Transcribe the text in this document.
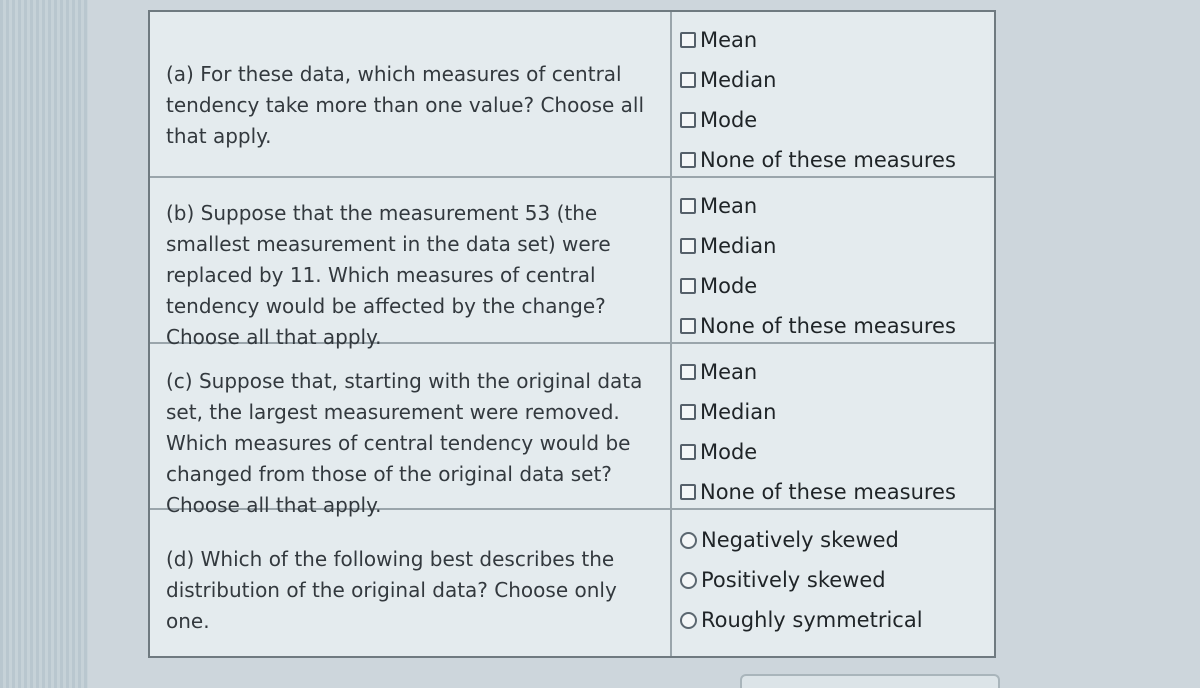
(a) For these data, which measures of central tendency take more than one value? Choose all that apply.
Mean
Median
Mode
None of these measures
(b) Suppose that the measurement 53 (the smallest measurement in the data set) were replaced by 11. Which measures of central tendency would be affected by the change? Choose all that apply.
Mean
Median
Mode
None of these measures
(c) Suppose that, starting with the original data set, the largest measurement were removed. Which measures of central tendency would be changed from those of the original data set? Choose all that apply.
Mean
Median
Mode
None of these measures
(d) Which of the following best describes the distribution of the original data? Choose only one.
Negatively skewed
Positively skewed
Roughly symmetrical
